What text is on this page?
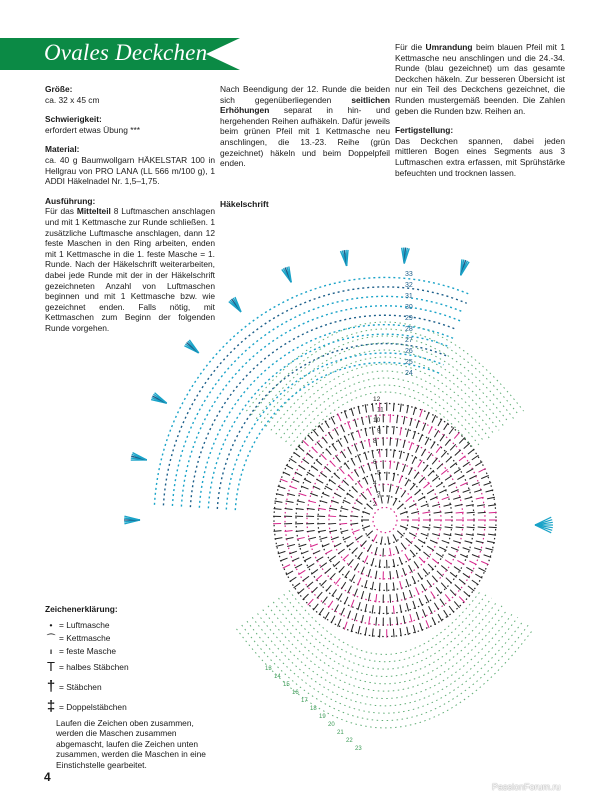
Ovales Deckchen

Größe:
ca. 32 x 45 cm

Schwierigkeit:
erfordert etwas Übung ***

Material:
ca. 40 g Baumwollgarn HÄKELSTAR 100 in Hellgrau von PRO LANA (LL 566 m/100 g), 1 ADDI Häkelnadel Nr. 1,5–1,75.

Ausführung:
Für das Mittelteil 8 Luftmaschen anschlagen und mit 1 Kettmasche zur Runde schließen. 1 zusätzliche Luftmasche anschlagen, dann 12 feste Maschen in den Ring arbeiten, enden mit 1 Kettmasche in die 1. feste Masche = 1. Runde. Nach der Häkelschrift weiterarbeiten, dabei jede Runde mit der in der Häkelschrift gezeichneten Anzahl von Luftmaschen beginnen und mit 1 Kettmasche bzw. wie gezeichnet enden. Falls nötig, mit Kettmaschen zum Beginn der folgenden Runde vorgehen.

Nach Beendigung der 12. Runde die beiden sich gegenüberliegenden seitlichen Erhöhungen separat in hin- und hergehenden Reihen aufhäkeln. Dafür jeweils beim grünen Pfeil mit 1 Kettmasche neu anschlingen, die 13.-23. Reihe (grün gezeichnet) häkeln und beim Doppelpfeil enden.

Für die Umrandung beim blauen Pfeil mit 1 Kettmasche neu anschlingen und die 24.-34. Runde (blau gezeichnet) um das gesamte Deckchen häkeln. Zur besseren Übersicht ist nur ein Teil des Deckchens gezeichnet, die Runden mustergemäß beenden. Die Zahlen geben die Runden bzw. Reihen an.

Fertigstellung:
Das Deckchen spannen, dabei jeden mittleren Bogen eines Segments aus 3 Luftmaschen extra erfassen, mit Sprühstärke befeuchten und trocknen lassen.

Häkelschrift
24
25
26
27
28
29
30
31
32
33
2
3
4
5
6
7
8
9
10
11
12
13
14
15
16
17
18
19
20
21
22
23
Zeichenerklärung:
• = Luftmasche
⌒ = Kettmasche
ı = feste Masche
T = halbes Stäbchen
† = Stäbchen
‡ = Doppelstäbchen
Laufen die Zeichen oben zusammen, werden die Maschen zusammen abgemascht, laufen die Zeichen unten zusammen, werden die Maschen in eine Einstichstelle gearbeitet.
4
PassionForum.ru
